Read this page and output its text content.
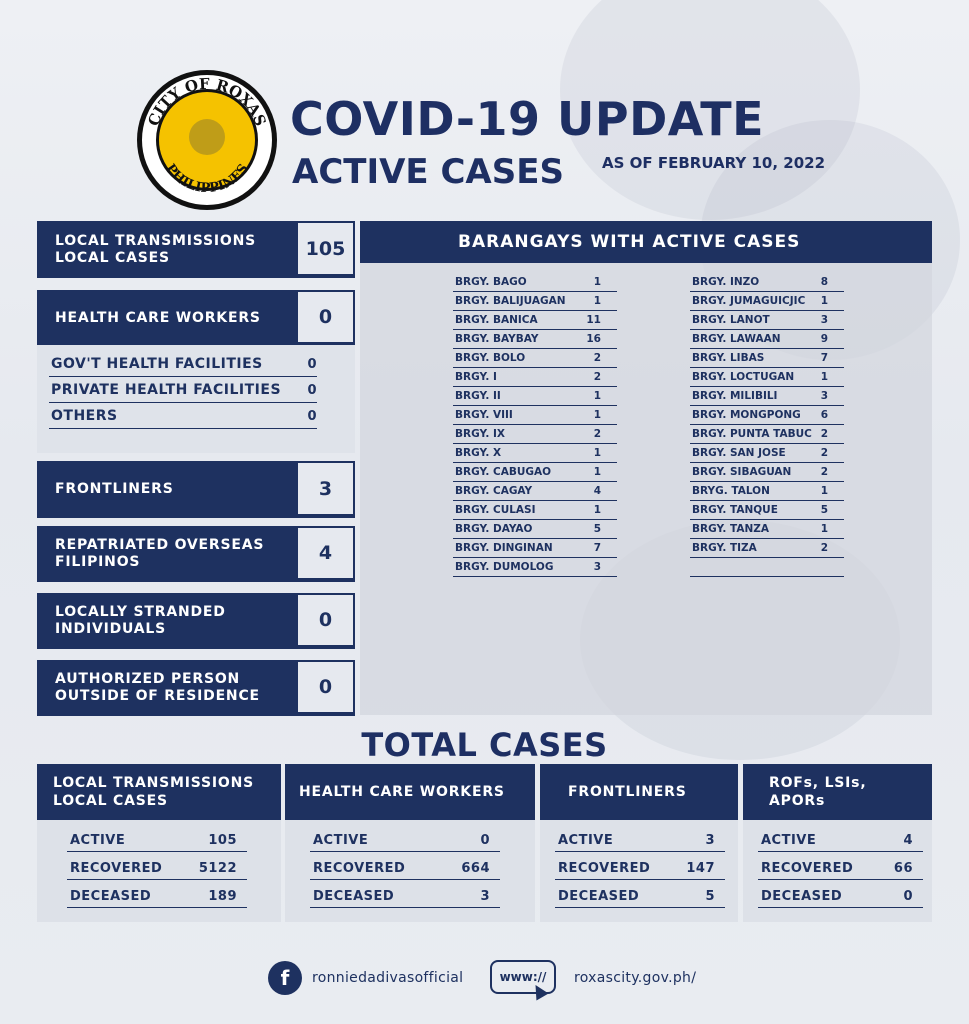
CITY OF ROXAS
PHILIPPINES
COVID-19 UPDATE
ACTIVE CASES	AS OF FEBRUARY 10, 2022
LOCAL TRANSMISSIONS
LOCAL CASES	105
HEALTH CARE WORKERS	0
GOV'T HEALTH FACILITIES	0
PRIVATE HEALTH FACILITIES 0
OTHERS	0
FRONTLINERS	3
REPATRIATED OVERSEAS
FILIPINOS	4
LOCALLY STRANDED
INDIVIDUALS	0
AUTHORIZED PERSON
OUTSIDE OF RESIDENCE	0
BARANGAYS WITH ACTIVE CASES
BRGY. BAGO	1
BRGY. BALIJUAGAN	1
BRGY. BANICA	11
BRGY. BAYBAY	16
BRGY. BOLO	2
BRGY. I	2
BRGY. II	1
BRGY. VIII	1
BRGY. IX	2
BRGY. X	1
BRGY. CABUGAO	1
BRGY. CAGAY	4
BRGY. CULASI	1
BRGY. DAYAO	5
BRGY. DINGINAN	7
BRGY. DUMOLOG	3
BRGY. INZO	8
BRGY. JUMAGUICJIC 1
BRGY. LANOT	3
BRGY. LAWAAN	9
BRGY. LIBAS	7
BRGY. LOCTUGAN	1
BRGY. MILIBILI	3
BRGY. MONGPONG 6
BRGY. PUNTA TABUC 2
BRGY. SAN JOSE	2
BRGY. SIBAGUAN	2
BRYG. TALON	1
BRGY. TANQUE	5
BRGY. TANZA	1
BRGY. TIZA	2
TOTAL CASES
LOCAL TRANSMISSIONS
LOCAL CASES
ACTIVE	105
RECOVERED	5122
DECEASED	189
HEALTH CARE WORKERS
ACTIVE	0
RECOVERED	664
DECEASED	3
FRONTLINERS
ACTIVE	3
RECOVERED	147
DECEASED	5
ROFs, LSIs,
APORs
ACTIVE	4
RECOVERED	66
DECEASED	0
f	ronniedadivasofficial	www://	roxascity.gov.ph/
